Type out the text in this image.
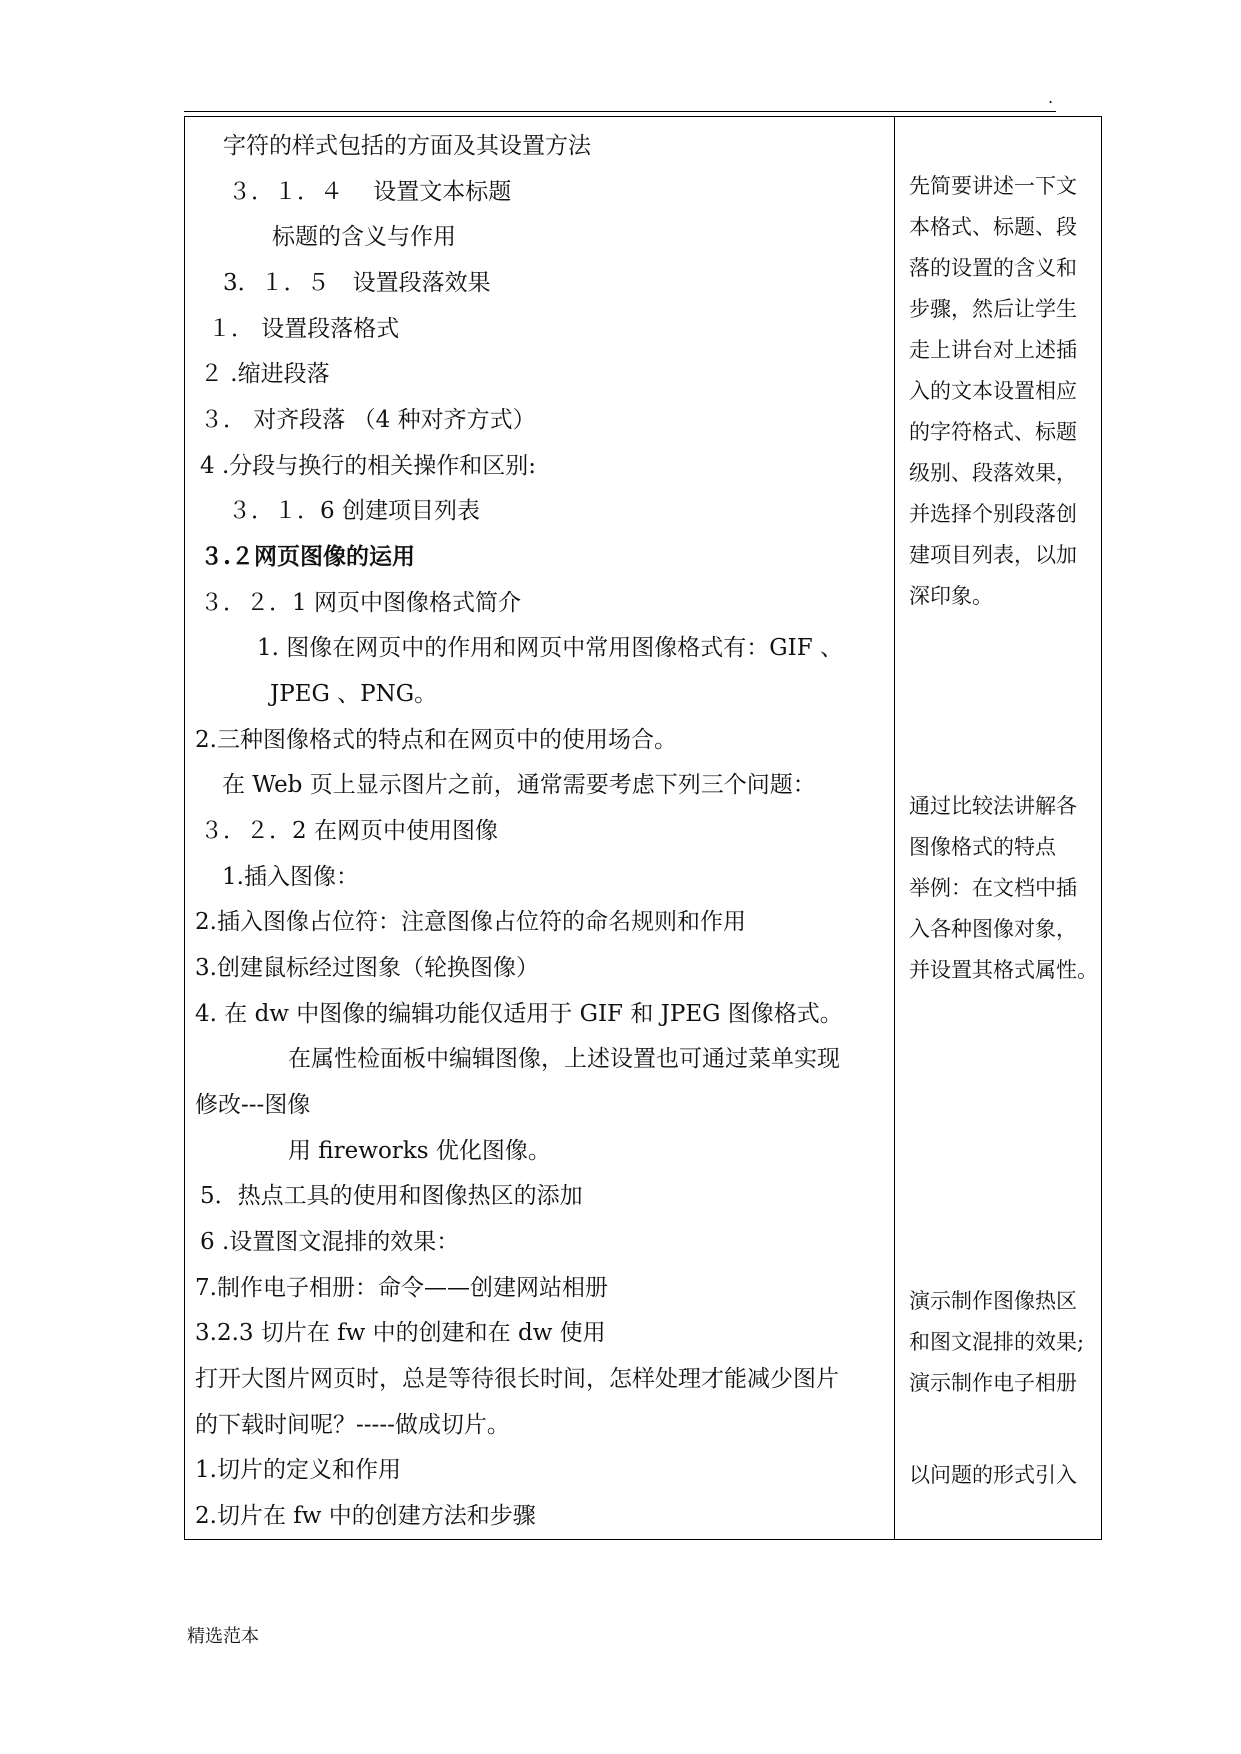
.
字符的样式包括的方面及其设置方法
３．１．４　 设置文本标题
标题的含义与作用
3．１．５　设置段落效果
１． 设置段落格式
２ .缩进段落
３． 对齐段落 （4 种对齐方式）
4 .分段与换行的相关操作和区别:
３．１．6 创建项目列表
３.２网页图像的运用
３．２．1 网页中图像格式简介
1. 图像在网页中的作用和网页中常用图像格式有：GIF 、
JPEG 、PNG。
2.三种图像格式的特点和在网页中的使用场合。
在 Web 页上显示图片之前，通常需要考虑下列三个问题：
３．２．2 在网页中使用图像
1.插入图像：
2.插入图像占位符：注意图像占位符的命名规则和作用
3.创建鼠标经过图象（轮换图像）
4. 在 dw 中图像的编辑功能仅适用于 GIF 和 JPEG 图像格式。
在属性检面板中编辑图像，上述设置也可通过菜单实现
修改---图像
用 fireworks 优化图像。
5．热点工具的使用和图像热区的添加
6 .设置图文混排的效果：
7.制作电子相册：命令——创建网站相册
3.2.3 切片在 fw 中的创建和在 dw 使用
打开大图片网页时，总是等待很长时间，怎样处理才能减少图片
的下载时间呢？-----做成切片。
1.切片的定义和作用
2.切片在 fw 中的创建方法和步骤
先简要讲述一下文
本格式、标题、段
落的设置的含义和
步骤，然后让学生
走上讲台对上述插
入的文本设置相应
的字符格式、标题
级别、段落效果，
并选择个别段落创
建项目列表，以加
深印象。
通过比较法讲解各
图像格式的特点
举例：在文档中插
入各种图像对象，
并设置其格式属性。
演示制作图像热区
和图文混排的效果;
演示制作电子相册
以问题的形式引入
精选范本
